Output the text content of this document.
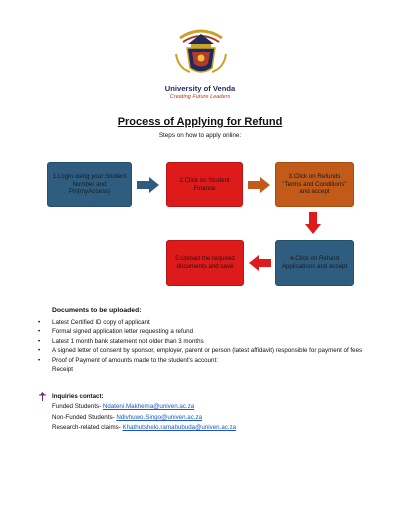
University of Venda
Creating Future Leaders
Process of Applying for Refund
Steps on how to apply online:
1.Login using your Student Number and Pin(myAccess)
2.Click on Student Finance
3.Click on Refunds "Terms and Conditions" and accept
4.Click on Refund Applications and accept
5.Upload the required documents and save
Documents to be uploaded:
• Latest Certified ID copy of applicant
• Formal signed application letter requesting a refund
• Latest 1 month bank statement not older than 3 months
• A signed letter of consent by sponsor, employer, parent or person (latest affidavit) responsible for payment of fees
• Proof of Payment of amounts made to the student's account:
Receipt
Inquiries contact:
Funded Students- Ndateni.Makhema@univen.ac.za
Non-Funded Students- Ndivhuwo.Singo@univen.ac.za
Research-related claims- Khathutshelo.ramabubuda@univen.ac.za
